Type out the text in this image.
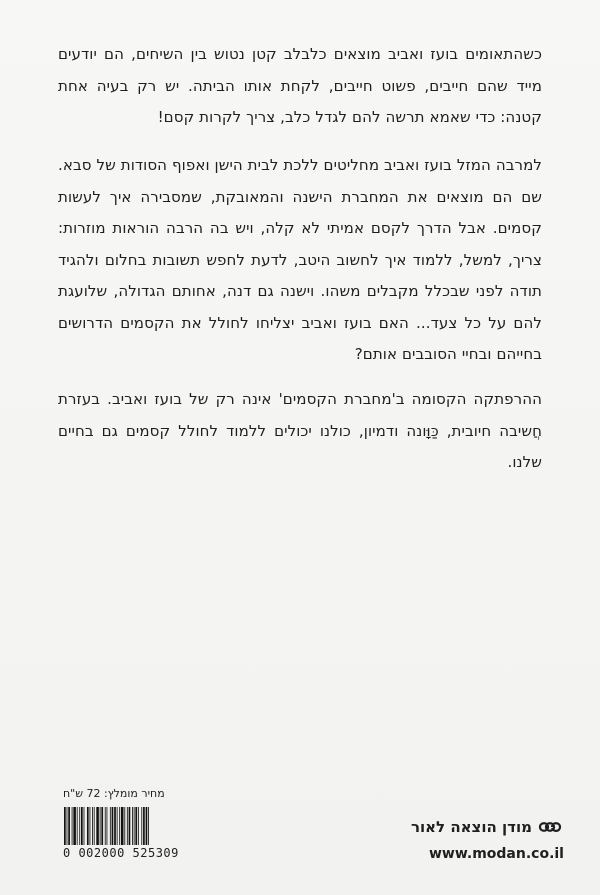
כשהתאומים בועז ואביב מוצאים כלבלב קטן נטוש בין השיחים, הם יודעים מייד שהם חייבים, פשוט חייבים, לקחת אותו הביתה. יש רק בעיה אחת קטנה: כדי שאמא תרשה להם לגדל כלב, צריך לקרות קסם!

למרבה המזל בועז ואביב מחליטים ללכת לבית הישן ואפוף הסודות של סבא. שם הם מוצאים את המחברת הישנה והמאובקת, שמסבירה איך לעשות קסמים. אבל הדרך לקסם אמיתי לא קלה, ויש בה הרבה הוראות מוזרות: צריך, למשל, ללמוד איך לחשוב היטב, לדעת לחפש תשובות בחלום ולהגיד תודה לפני שבכלל מקבלים משהו. וישנה גם דנה, אחותם הגדולה, שלועגת להם על כל צעד... האם בועז ואביב יצליחו לחולל את הקסמים הדרושים בחייהם ובחיי הסובבים אותם?

ההרפתקה הקסומה ב'מחברת הקסמים' אינה רק של בועז ואביב. בעזרת חֲשיבה חיובית, כַּוָּונה ודמיון, כולנו יכולים ללמוד לחולל קסמים גם בחיים שלנו.

מחיר מומלץ: 72 ש"ח
0 002000 525309
מודן הוצאה לאור
www.modan.co.il
